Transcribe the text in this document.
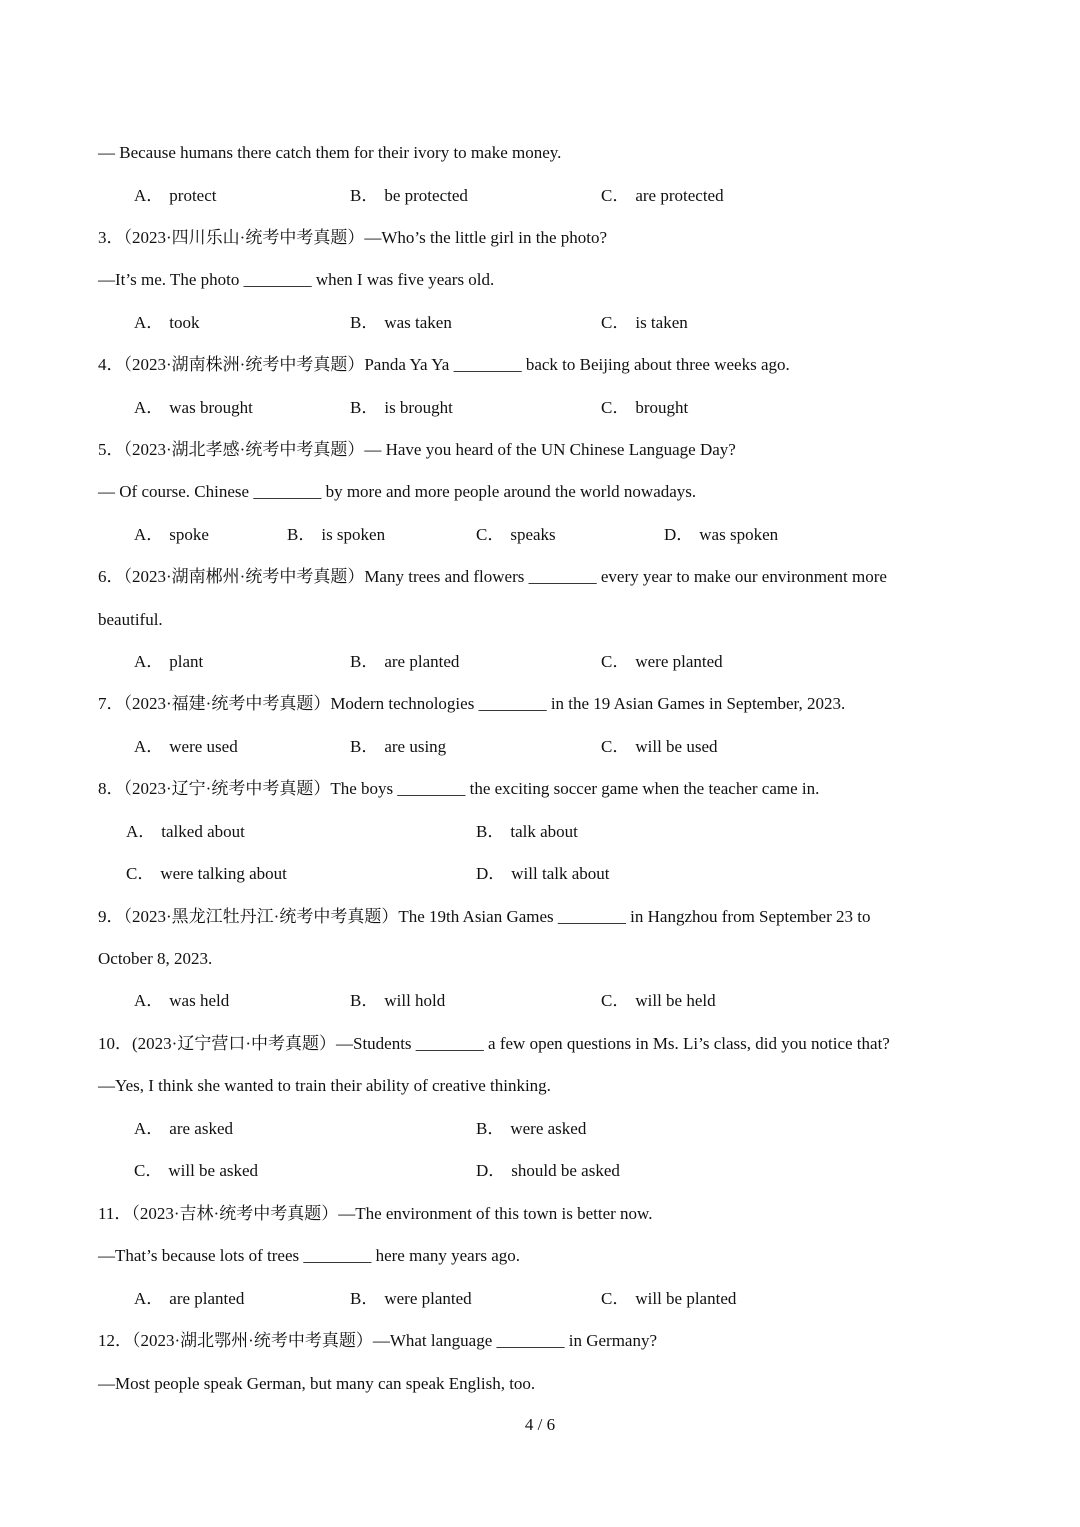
— Because humans there catch them for their ivory to make money.
A． protect	B． be protected	C． are protected
3．（2023·四川乐山·统考中考真题）—Who’s the little girl in the photo?
—It’s me. The photo ________ when I was five years old.
A． took	B． was taken	C． is taken
4．（2023·湖南株洲·统考中考真题）Panda Ya Ya ________ back to Beijing about three weeks ago.
A． was brought	B． is brought	C． brought
5．（2023·湖北孝感·统考中考真题）— Have you heard of the UN Chinese Language Day?
— Of course. Chinese ________ by more and more people around the world nowadays.
A． spoke	B． is spoken	C． speaks	D． was spoken
6．（2023·湖南郴州·统考中考真题）Many trees and flowers ________ every year to make our environment more
beautiful.
A． plant	B． are planted	C． were planted
7．（2023·福建·统考中考真题）Modern technologies ________ in the 19 Asian Games in September, 2023.
A． were used	B． are using	C． will be used
8．（2023·辽宁·统考中考真题）The boys ________ the exciting soccer game when the teacher came in.
A． talked about	B． talk about
C． were talking about	D． will talk about
9．（2023·黑龙江牡丹江·统考中考真题）The 19th Asian Games ________ in Hangzhou from September 23 to
October 8, 2023.
A． was held	B． will hold	C． will be held
10．(2023·辽宁营口·中考真题）—Students ________ a few open questions in Ms. Li’s class, did you notice that?
—Yes, I think she wanted to train their ability of creative thinking.
A． are asked	B． were asked
C． will be asked	D． should be asked
11．（2023·吉林·统考中考真题）—The environment of this town is better now.
—That’s because lots of trees ________ here many years ago.
A． are planted	B． were planted	C． will be planted
12．（2023·湖北鄂州·统考中考真题）—What language ________ in Germany?
—Most people speak German, but many can speak English, too.
4 / 6
